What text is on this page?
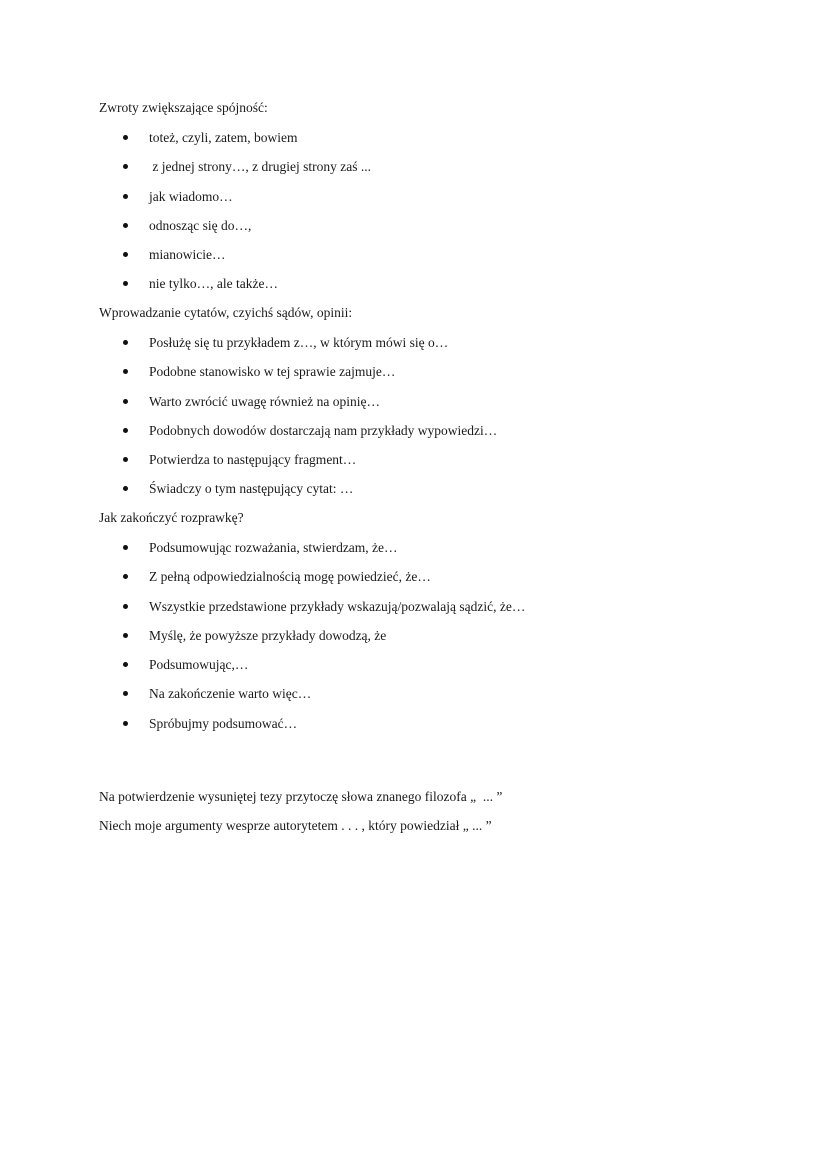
Zwroty zwiększające spójność:
toteż, czyli, zatem, bowiem
z jednej strony…, z drugiej strony zaś ...
jak wiadomo…
odnosząc się do…,
mianowicie…
nie tylko…, ale także…
Wprowadzanie cytatów, czyichś sądów, opinii:
Posłużę się tu przykładem z…, w którym mówi się o…
Podobne stanowisko w tej sprawie zajmuje…
Warto zwrócić uwagę również na opinię…
Podobnych dowodów dostarczają nam przykłady wypowiedzi…
Potwierdza to następujący fragment…
Świadczy o tym następujący cytat: …
Jak zakończyć rozprawkę?
Podsumowując rozważania, stwierdzam, że…
Z pełną odpowiedzialnością mogę powiedzieć, że…
Wszystkie przedstawione przykłady wskazują/pozwalają sądzić, że…
Myślę, że powyższe przykłady dowodzą, że
Podsumowując,…
Na zakończenie warto więc…
Spróbujmy podsumować…
Na potwierdzenie wysuniętej tezy przytoczę słowa znanego filozofa „  ... ”
Niech moje argumenty wesprze autorytetem . . . , który powiedział „ ... ”
